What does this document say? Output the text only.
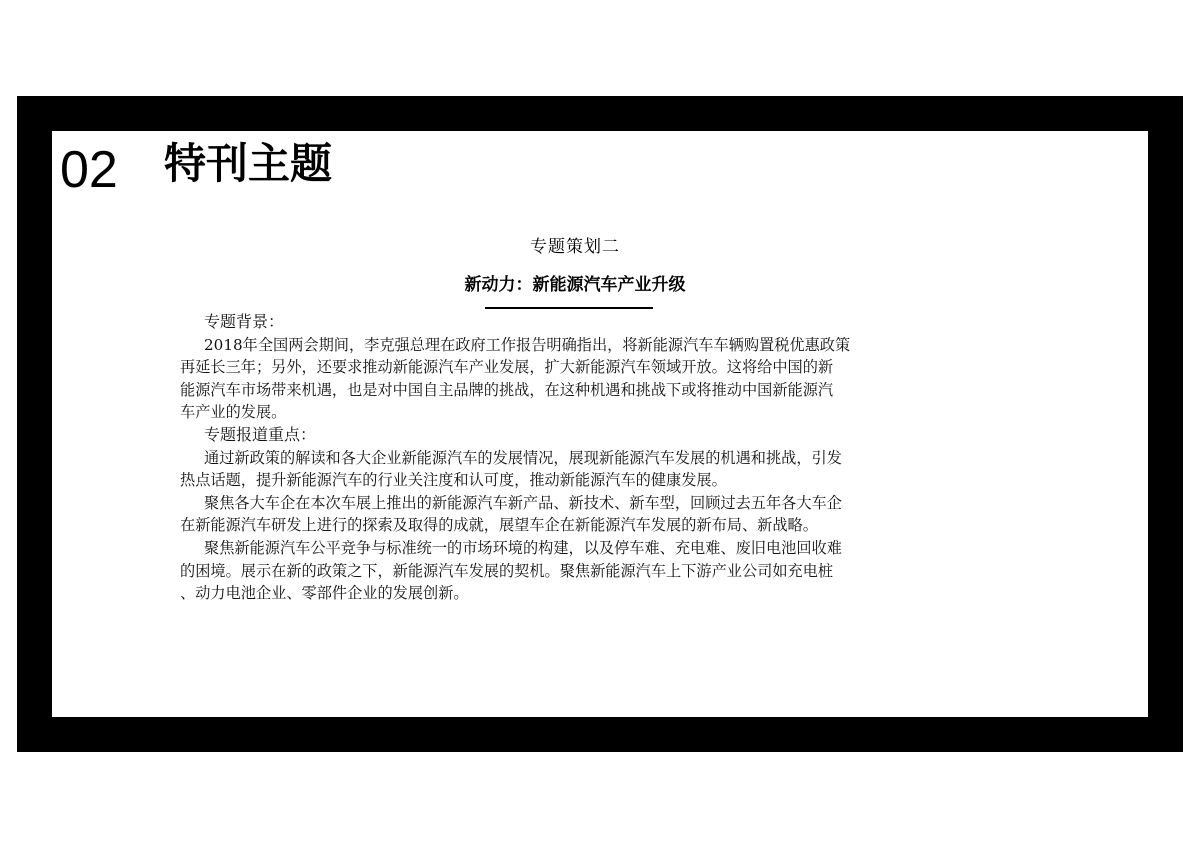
02 特刊主题
专题策划二
新动力：新能源汽车产业升级

专题背景：

2018年全国两会期间，李克强总理在政府工作报告明确指出，将新能源汽车车辆购置税优惠政策
再延长三年；另外，还要求推动新能源汽车产业发展，扩大新能源汽车领域开放。这将给中国的新
能源汽车市场带来机遇，也是对中国自主品牌的挑战，在这种机遇和挑战下或将推动中国新能源汽
车产业的发展。

专题报道重点：

通过新政策的解读和各大企业新能源汽车的发展情况，展现新能源汽车发展的机遇和挑战，引发
热点话题，提升新能源汽车的行业关注度和认可度，推动新能源汽车的健康发展。

聚焦各大车企在本次车展上推出的新能源汽车新产品、新技术、新车型，回顾过去五年各大车企
在新能源汽车研发上进行的探索及取得的成就，展望车企在新能源汽车发展的新布局、新战略。

聚焦新能源汽车公平竞争与标准统一的市场环境的构建，以及停车难、充电难、废旧电池回收难
的困境。展示在新的政策之下，新能源汽车发展的契机。聚焦新能源汽车上下游产业公司如充电桩
、动力电池企业、零部件企业的发展创新。
